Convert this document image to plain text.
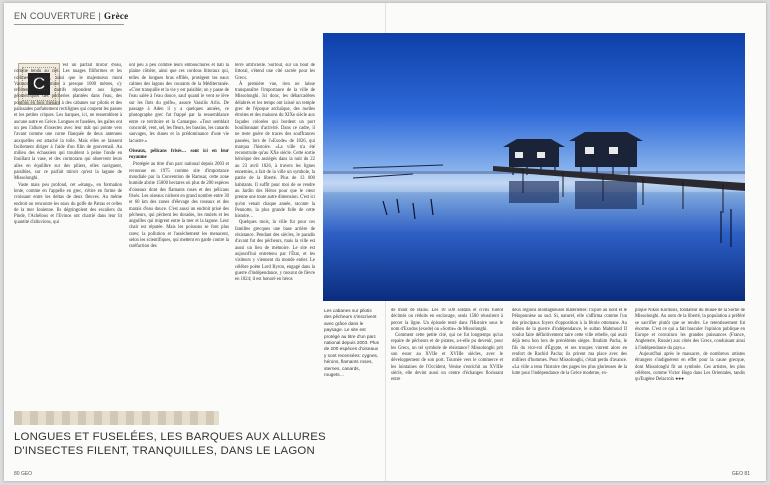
EN COUVERTURE | Grèce
C

'est un parfait miroir d'eau, comme tendu au ciel. Les nuages filiformes et les collines arrondies, ainsi que le majestueux mont Varasova qui culmine à presque 1000 mètres, s'y reflètent. Leurs motifs répondent aux lignes géométriques des pêcheries plantées dans l'eau, des pontons en bois menant à des cabanes sur pilotis et des palissades parfaitement rectilignes qui coupent les passes et les petites criques. Les barques, ici, ne ressemblent à aucune autre en Grèce. Longues et fuselées, les gaïtes ont un peu l'allure d'insectes avec leur mât qui pointe vers l'avant comme une corne flanquée de deux antennes auxquelles est attaché la toile. Mais elles se laissent facilement diriger à l'aide d'un filin de gouvernail. Au milieu des échassiers qui troublent à peine l'onde en fouillant la vase, et des cormorans qui observent leurs ailes en équilibre sur des piliers, elles naviguent, paisibles, sur ce parfait miroir qu'est la lagune de Missolonghi.

Vaste mais peu profond, cet «étang», en formation lente, comme en l'appelle en grec, s'étire en forme de croissant entre les deltas de deux fleuves. Au même endroit on rencontre les eaux du golfe de Patras et celles de la mer Ionienne. Ils dégringolent des escaliers du Pinde, l'Achéloos et l'Evinos ont charrié dans leur lit quantité d'alluvions, qui

ont peu à peu comblé leurs embouchures et bâti la plaine côtière, ainsi que ces cordons littoraux qui, telles de longues bras effilés, protègent les eaux calmes des lagons des courants de la Méditerranée. «C'est tranquille et la vie y est paisible; on y passe de l'eau salée à l'eau douce, sauf quand le vent se lève sur les îlots du golfe», assure Vassilis Arlis. De passage à Aden il y a quelques années, ce photographe grec fut frappé par la ressemblance entre ce territoire et la Camargue. «Tout semblait concordé, vent, sel, les fleurs, les bassins, les canards sauvages, les dunes et la prédominance d'une vie lacustre.»

Oiseaux, pélicans frisés… sont ici en leur royaume

Protégée au titre d'un parc national depuis 2003 et reconnue en 1975 comme site d'importance mondiale par la Convention de Ramsar, cette zone humide abrite 15000 hectares où plus de 200 espèces d'oiseaux dont des flamants roses et des pélicans frisés. Les oiseaux nichent en grand nombre entre 30 et 60 km des zones d'élevage des roseaux et des marais d'eau douce. C'est aussi un endroit prisé des pêcheurs, qui pêchent les dorades, les mulets et les anguilles qui migrent entre la mer et la lagune. Leur chair est réputée. Mais les poissons se font plus rares; la pollution et l'assèchement les menacent, selon les scientifiques, qui mettent en garde contre la raréfaction des

terre artificielle. Surtout, sur un bout de littoral, s'étend une cité sacrée pour les Grecs.

À première vue, rien ne laisse transparaître l'importance de la ville de Missolonghi. Ici donc, les débarcadères délabrés et les temps ont laissé un temple grec de l'époque archaïque, des ruelles étroites et des maisons du XIXe siècle aux façades colorées qui bordent un port bouillonnant d'activité. Dans ce cadre, il ne reste guère de traces des souffrances passées, lors de l'«Exode» de 1826, qui marqua l'histoire. «La ville n'a été reconstruite qu'au XXe siècle. Cette sortie héroïque des assiégés dans la nuit du 22 au 23 avril 1826, à travers les lignes ennemies, a fait de la ville un symbole, la patrie de la liberté. Plus de 13 000 habitants. Il suffit pour moi de se rendre au Jardin des Héros pour que le cœur prenne une toute autre dimension. C'est ici qu'on venait chaque année, raconte la Pennotte, la plus grande folle de cette histoire…

Quelques mois, la ville fut pour ces familles grecques une base arrière de résistance. Pendant des siècles, le paradis d'avant fut des pêcheurs, mais la ville est aussi un lieu de mémoire. Le site est aujourd'hui entretenu par l'État, et les visiteurs y viennent du monde entier. Le célèbre poète Lord Byron, engagé dans la guerre d'indépendance, y mourut de fièvre en 1824; il est honoré en héros

Les cabanes sur pilotis des pêcheurs s'inscrivent avec grâce dans le paysage. Le site est protégé au titre d'un parc national depuis 2003. Plus de 200 espèces d'oiseaux y sont recensées: cygnes, hérons, flamants roses, sternes, canards, rougets…

de mont de Bains. Les 10 500 soldats et civils furent décimés ou réduits en esclavage, seuls 1500 réussirent à percer la ligne. Un épisode resté dans l'Histoire sous le nom d'Exodos (exode) ou «Sortie» de Missolonghi.

Comment cette petite cité, qui ne fut longtemps qu'un repaire de pêcheurs et de pirates, a-t-elle pu devenir, pour les Grecs, un tel symbole de résistance? Missolonghi prit son essor au XVIIe et XVIIIe siècles, avec le développement de son port. Tournée vers le commerce et les lointaines de l'Occident, Venise s'enrichit au XVIIIe siècle, elle devint aussi un centre d'échanges florissant entre

deux régions montagneuses matérielles: l'Épire au nord et le Péloponnèse au sud. Si, naturel, elle s'affirma comme l'un des principaux foyers d'opposition à la férule ottomane. Au milieu de la guerre d'indépendance, le sultan Mahmoud II voulut faire définitivement taire cette ville rebelle, qui avait déjà tenu bon lors de précédents sièges. Ibrahim Pacha, le fils du vice-roi d'Égypte, et ses troupes vinrent alors en renfort de Rachid Pacha; ils prirent ma place avec des milliers d'hommes. Pour Missolonghi, c'était perdu d'avance. «La ville a tenu l'histoire des pages les plus glorieuses de la lutte pour l'indépendance de la Grèce moderne, ex-

plique Nikos Kordosis, fondateur du musée de la Sortie de Missolonghi. Au nom de la liberté, la population a préféré se sacrifier plutôt que se rendre. Le retentissement fut énorme. C'est ce qui a fait basculer l'opinion publique en Europe et convaincu les grandes puissances (France, Angleterre, Russie) aux côtés des Grecs, conduisant ainsi à l'indépendance du pays.»

Aujourd'hui après le massacre, de nombreux artistes étrangers s'indignèrent en effet pour la cause grecque, dont Missolonghi fit un symbole. Ces artistes, les plus célèbres, comme Victor Hugo dans Les Orientales, tandis qu'Eugène Delacroix ●●●

LONGUES ET FUSELÉES, LES BARQUES AUX ALLURES D'INSECTES FILENT, TRANQUILLES, DANS LE LAGON
80 GEO	GEO 81
